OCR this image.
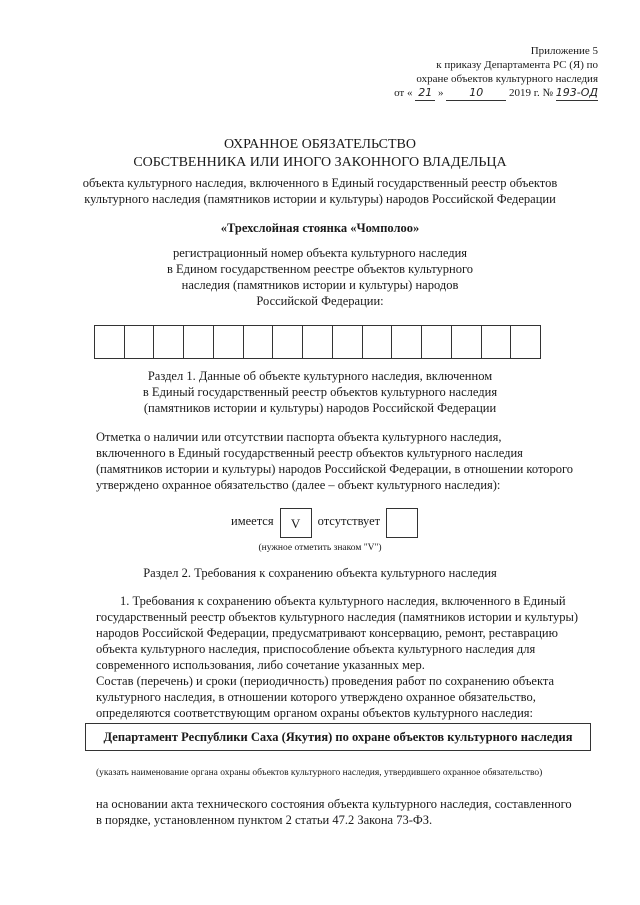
Приложение 5
к приказу Департамента РС (Я) по
охране объектов культурного наследия
от « 21 » 10 2019 г. № 193-ОД
ОХРАННОЕ ОБЯЗАТЕЛЬСТВО
СОБСТВЕННИКА ИЛИ ИНОГО ЗАКОННОГО ВЛАДЕЛЬЦА
объекта культурного наследия, включенного в Единый государственный реестр объектов
культурного наследия (памятников истории и культуры) народов Российской Федерации
«Трехслойная стоянка «Чомполоо»
регистрационный номер объекта культурного наследия
в Едином государственном реестре объектов культурного
наследия (памятников истории и культуры) народов
Российской Федерации:
Раздел 1. Данные об объекте культурного наследия, включенном
в Единый государственный реестр объектов культурного наследия
(памятников истории и культуры) народов Российской Федерации
Отметка о наличии или отсутствии паспорта объекта культурного наследия,
включенного в Единый государственный реестр объектов культурного наследия
(памятников истории и культуры) народов Российской Федерации, в отношении которого
утверждено охранное обязательство (далее – объект культурного наследия):
имеется	V	отсутствует
(нужное отметить знаком "V")
Раздел 2. Требования к сохранению объекта культурного наследия
1. Требования к сохранению объекта культурного наследия, включенного в Единый
государственный реестр объектов культурного наследия (памятников истории и культуры)
народов Российской Федерации, предусматривают консервацию, ремонт, реставрацию
объекта культурного наследия, приспособление объекта культурного наследия для
современного использования, либо сочетание указанных мер.
Состав (перечень) и сроки (периодичность) проведения работ по сохранению объекта
культурного наследия, в отношении которого утверждено охранное обязательство,
определяются соответствующим органом охраны объектов культурного наследия:
Департамент Республики Саха (Якутия) по охране объектов культурного наследия
(указать наименование органа охраны объектов культурного наследия, утвердившего охранное обязательство)
на основании акта технического состояния объекта культурного наследия, составленного
в порядке, установленном пунктом 2 статьи 47.2 Закона 73-ФЗ.
